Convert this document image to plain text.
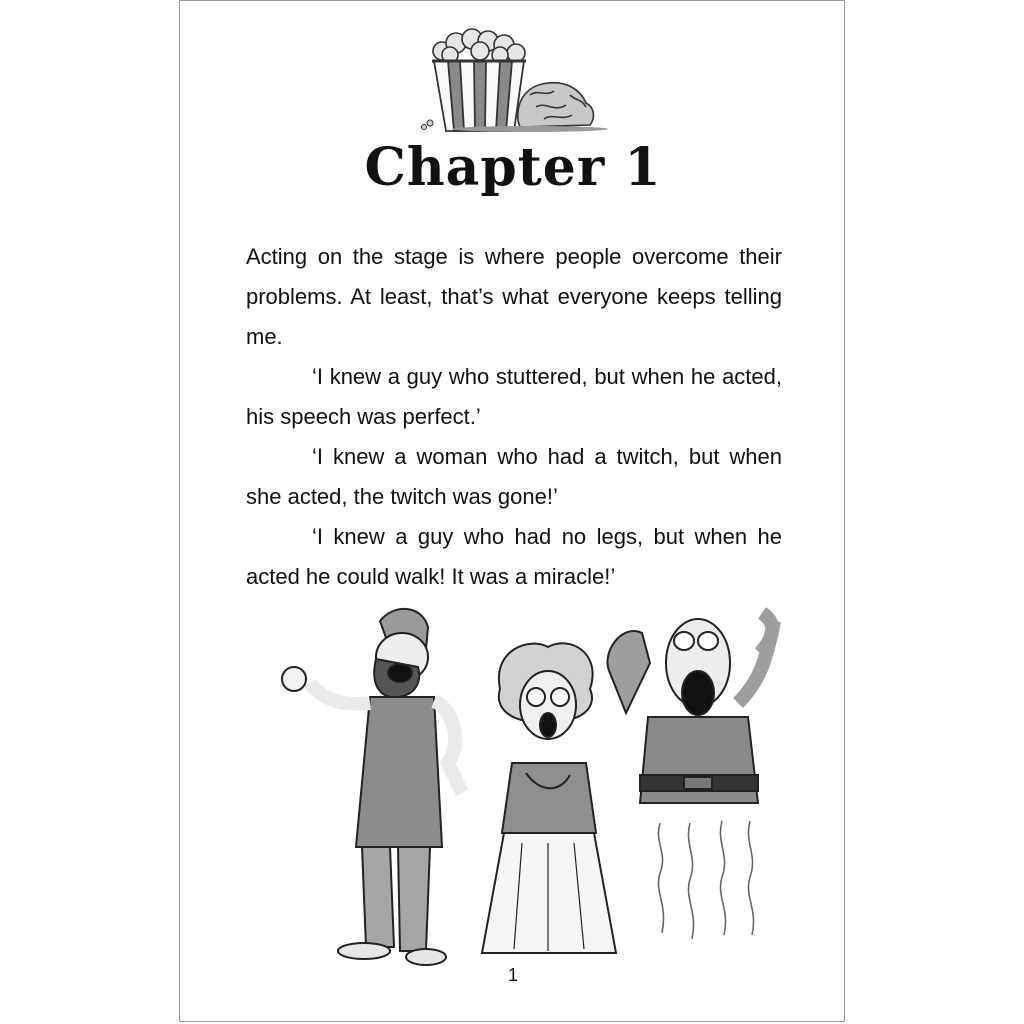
Chapter 1

Acting on the stage is where people overcome their problems. At least, that’s what everyone keeps telling me.

‘I knew a guy who stuttered, but when he acted, his speech was perfect.’

‘I knew a woman who had a twitch, but when she acted, the twitch was gone!’

‘I knew a guy who had no legs, but when he acted he could walk! It was a miracle!’

1
